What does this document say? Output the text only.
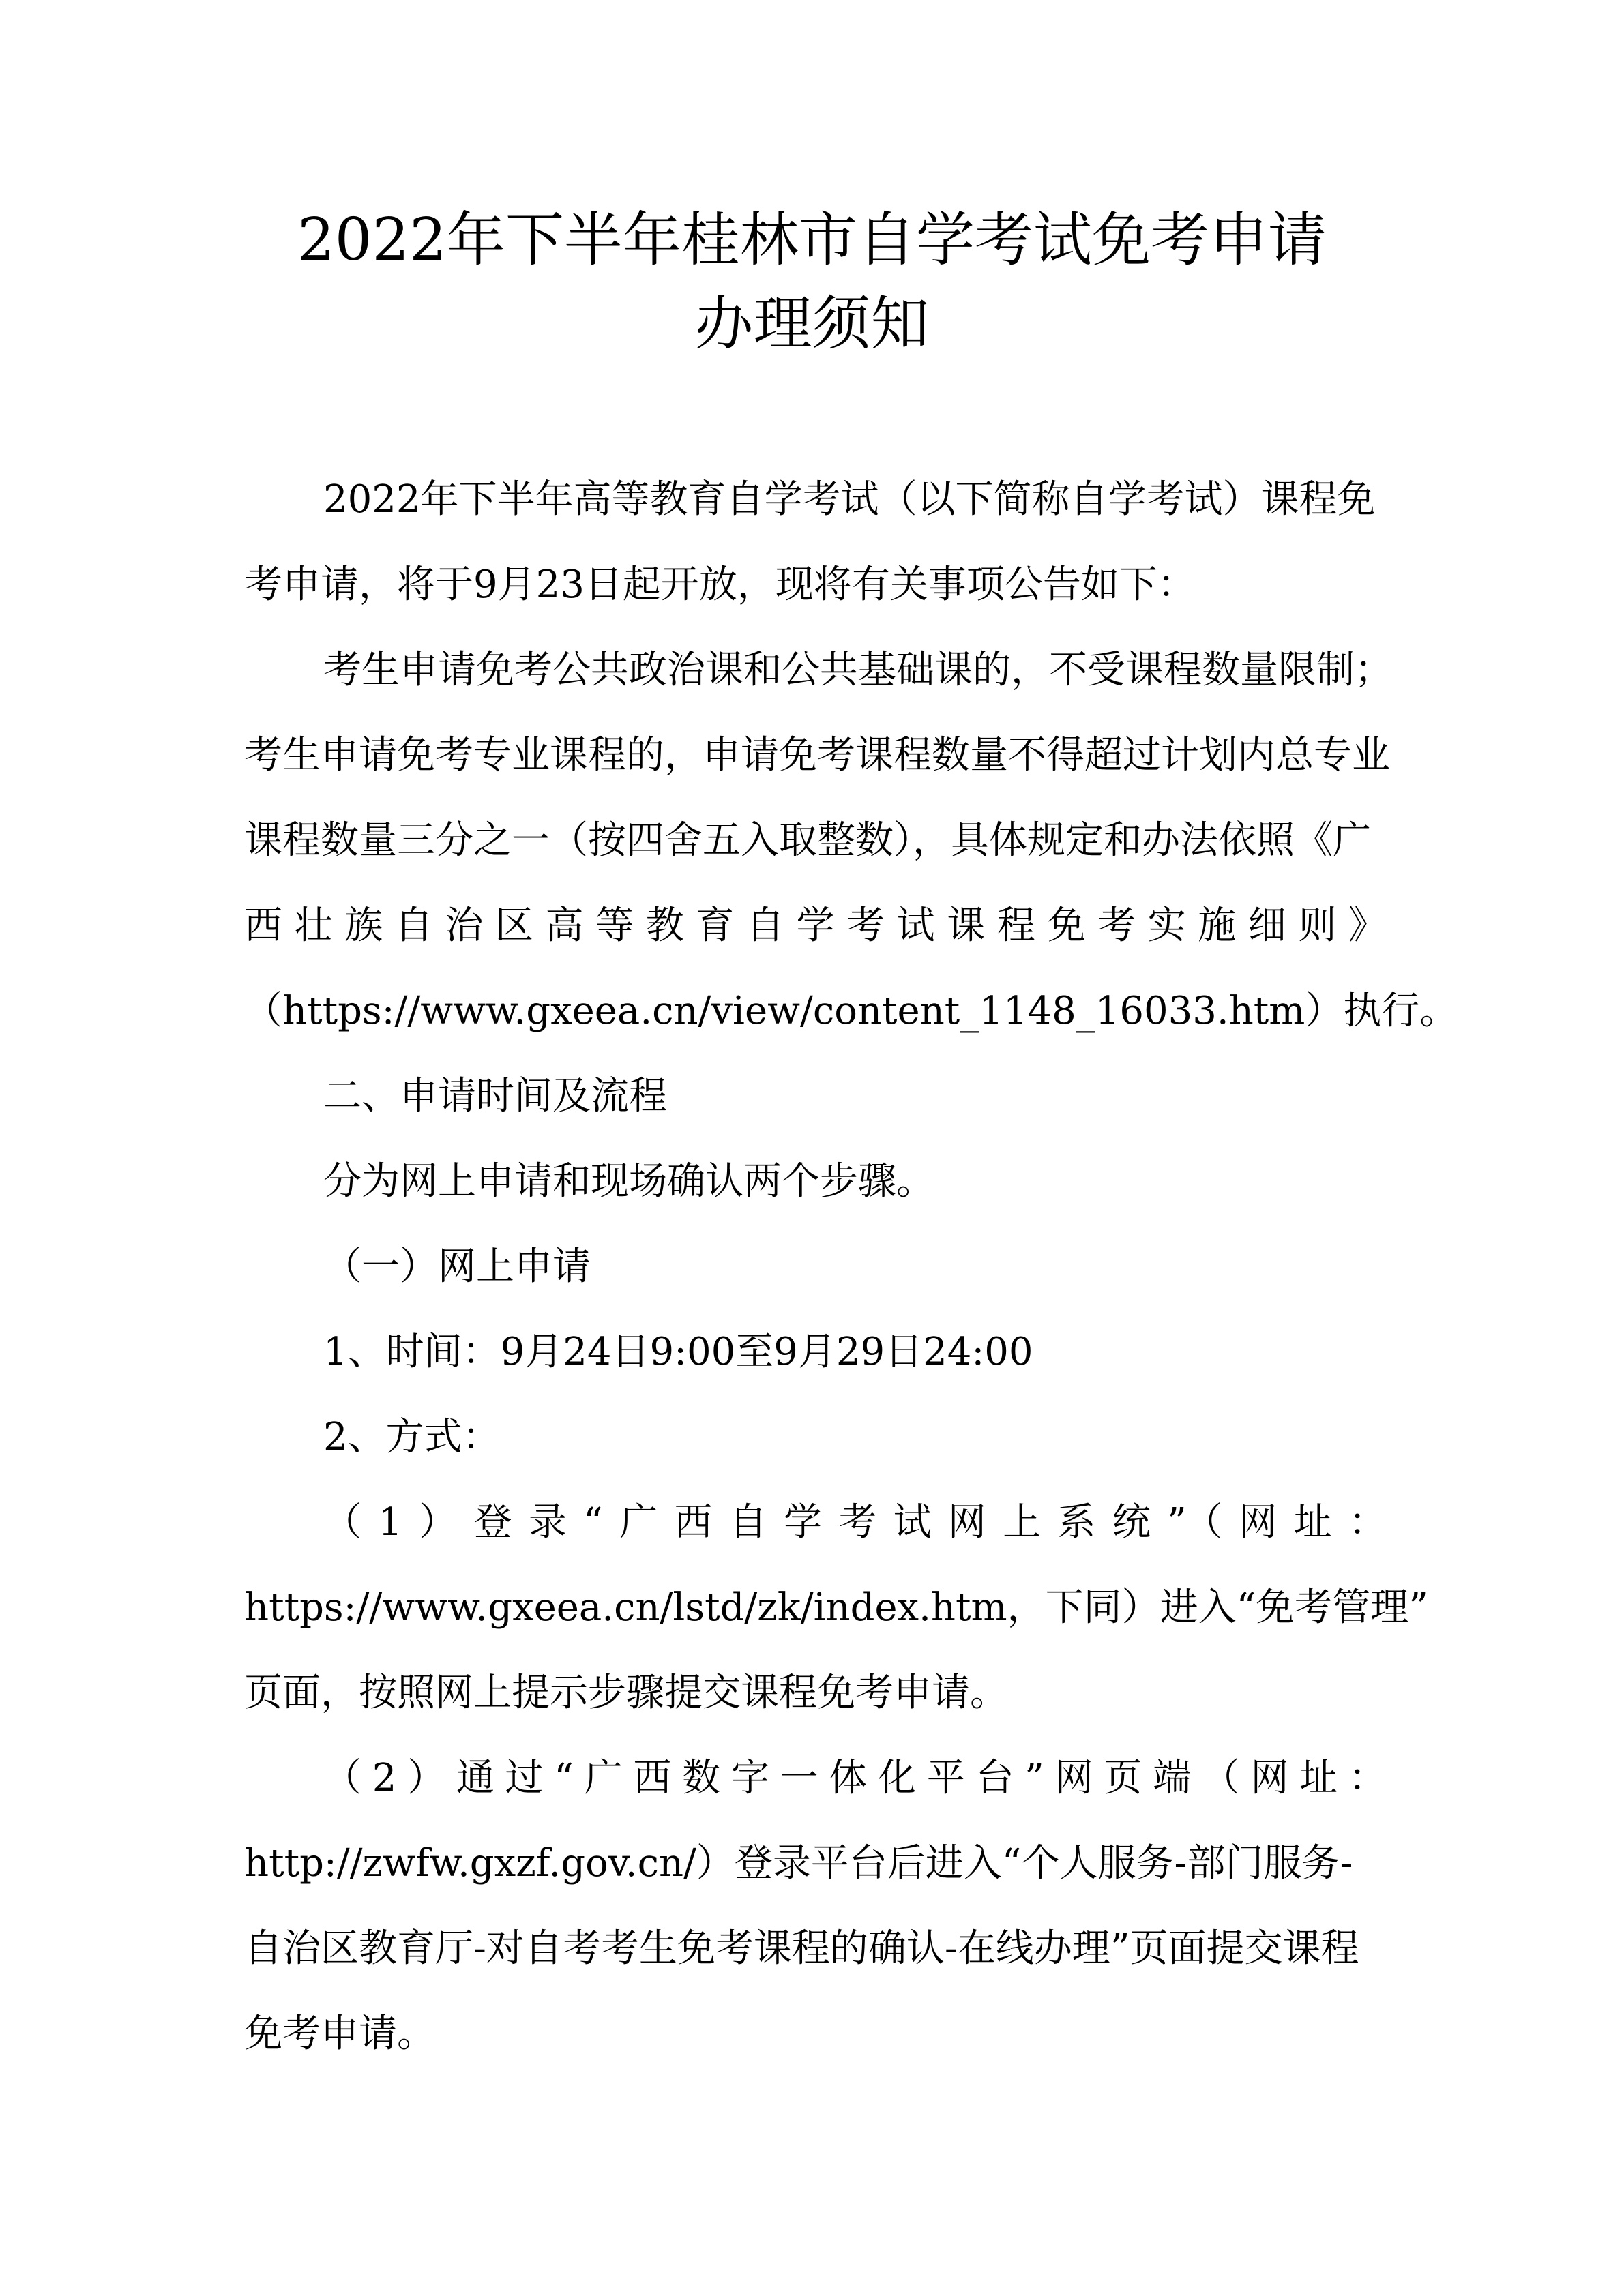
2022年下半年桂林市自学考试免考申请
办理须知

2022年下半年高等教育自学考试（以下简称自学考试）课程免

考申请，将于9月23日起开放，现将有关事项公告如下：

考生申请免考公共政治课和公共基础课的，不受课程数量限制；

考生申请免考专业课程的，申请免考课程数量不得超过计划内总专业

课程数量三分之一（按四舍五入取整数），具体规定和办法依照《广

西壮族自治区高等教育自学考试课程免考实施细则》

（https://www.gxeea.cn/view/content_1148_16033.htm）执行。

二、申请时间及流程

分为网上申请和现场确认两个步骤。

（一）网上申请

1、时间：9月24日9:00至9月29日24:00

2、方式：

（1）登录“广西自学考试网上系统”（网址：

https://www.gxeea.cn/lstd/zk/index.htm，下同）进入“免考管理”

页面，按照网上提示步骤提交课程免考申请。

（2）通过“广西数字一体化平台”网页端（网址：

http://zwfw.gxzf.gov.cn/）登录平台后进入“个人服务-部门服务-

自治区教育厅-对自考考生免考课程的确认-在线办理”页面提交课程

免考申请。
